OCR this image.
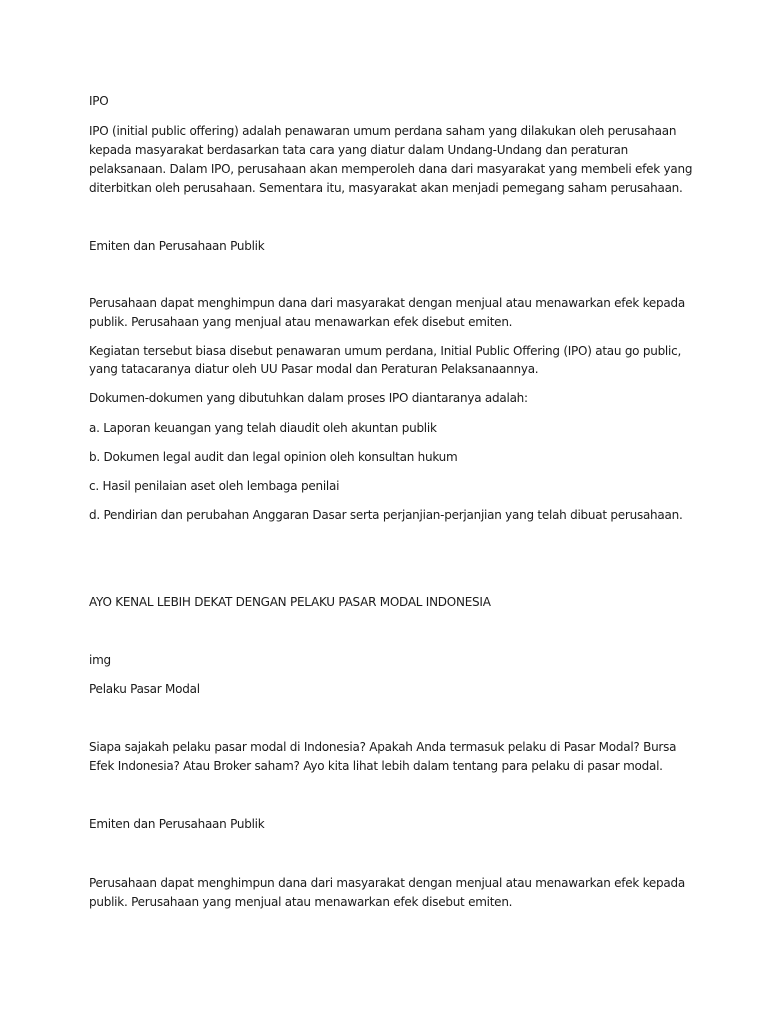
IPO

IPO (initial public offering) adalah penawaran umum perdana saham yang dilakukan oleh perusahaan

kepada masyarakat berdasarkan tata cara yang diatur dalam Undang-Undang dan peraturan

pelaksanaan. Dalam IPO, perusahaan akan memperoleh dana dari masyarakat yang membeli efek yang

diterbitkan oleh perusahaan. Sementara itu, masyarakat akan menjadi pemegang saham perusahaan.

Emiten dan Perusahaan Publik

Perusahaan dapat menghimpun dana dari masyarakat dengan menjual atau menawarkan efek kepada

publik. Perusahaan yang menjual atau menawarkan efek disebut emiten.

Kegiatan tersebut biasa disebut penawaran umum perdana, Initial Public Offering (IPO) atau go public,

yang tatacaranya diatur oleh UU Pasar modal dan Peraturan Pelaksanaannya.

Dokumen-dokumen yang dibutuhkan dalam proses IPO diantaranya adalah:

a. Laporan keuangan yang telah diaudit oleh akuntan publik

b. Dokumen legal audit dan legal opinion oleh konsultan hukum

c. Hasil penilaian aset oleh lembaga penilai

d. Pendirian dan perubahan Anggaran Dasar serta perjanjian-perjanjian yang telah dibuat perusahaan.

AYO KENAL LEBIH DEKAT DENGAN PELAKU PASAR MODAL INDONESIA

img

Pelaku Pasar Modal

Siapa sajakah pelaku pasar modal di Indonesia? Apakah Anda termasuk pelaku di Pasar Modal? Bursa

Efek Indonesia? Atau Broker saham? Ayo kita lihat lebih dalam tentang para pelaku di pasar modal.

Emiten dan Perusahaan Publik

Perusahaan dapat menghimpun dana dari masyarakat dengan menjual atau menawarkan efek kepada

publik. Perusahaan yang menjual atau menawarkan efek disebut emiten.
